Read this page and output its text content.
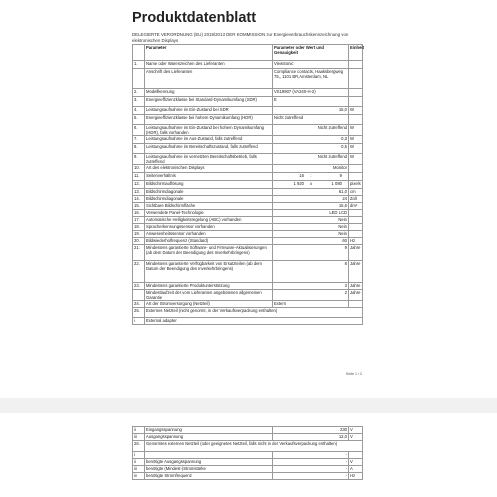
Produktdatenblatt
DELEGIERTE VERORDNUNG (EU) 2019/2013 DER KOMMISSION zur Energieverbrauchskennzeichnung von elektronischen Displays
	Parameter	Parameter oder Wert und Genauigkeit	Einheit
1.	Name oder Warenzeichen des Lieferanten	ViewSonic	
	Anschrift des Lieferanten	Compliance contacts, Haaksbergweg 75,, 1101 BR,Amsterdam, NL	
2.	Modellkennung	VS19907 (VA240-H-2)	
3.	Energieeffizienzklasse bei Standard-Dynamikumfang (SDR)	E	
4.	Leistungsaufnahme im Ein-Zustand bei SDR	15,0	W
5.	Energieeffizienzklasse bei hohem Dynamikumfang (HDR)	Nicht zutreffend	
6.	Leistungsaufnahme im Ein-Zustand bei hohem Dynamikumfang (HDR), falls vorhanden	Nicht zutreffend	W
7.	Leistungsaufnahme im Aus-Zustand, falls zutreffend	0,3	W
8.	Leistungsaufnahme im Bereitschaftszustand, falls zutreffend	0,5	W
9.	Leistungsaufnahme im vernetzten Bereitschaftsbetrieb, falls zutreffend	Nicht zutreffend	W
10.	Art des elektronischen Displays	Monitor	
11.	Seitenverhältnis	16 : 9	
12.	Bildschirmauflösung	1 920 x 1 080	pixels
13.	Bildschirmdiagonale	61,0	cm
14.	Bildschirmdiagonale	24	Zoll
15.	Sichtbare Bildschirmfläche	15,6	dm²
16.	Verwendete Panel-Technologie	LED LCD	
17.	Automatische Helligkeitsregelung (ABC) vorhanden	Nein	
18.	Spracherkennungssensor vorhanden	Nein	
19.	Anwesenheitssensor vorhanden	Nein	
20.	Bildwiederholfrequenz (Standard)	60	Hz
21.	Mindestens garantierte Software- und Firmware-Aktualisierungen (ab dem Datum der Beendigung des Inverkehrbringens)	9	Jahre
22.	Mindestens garantierte Verfügbarkeit von Ersatzteilen (ab dem Datum der Beendigung des Inverkehrbringens)	8	Jahre
23.	Mindestens garantierte Produktunterstützung	3	Jahre
	Mindestlaufzeit der vom Lieferanten angebotenen allgemeinen Garantie	2	Jahre
24.	Art der Stromversorgung (Netzteil)	Extern	
25.	Externes Netzteil (nicht genormt, in der Verkaufsverpackung enthalten)		
i	External adapter		
Seite 1 / 2
ii	Eingangsspannung	230	V
iii	Ausgangsspannung	12,0	V
26.	Genormtes externes Netzteil (oder geeignetes Netzteil, falls nicht in der Verkaufsverpackung enthalten)		
i		-	
ii	benötigte Ausgangsspannung	-	V
iii	benötigte (Mindest-)Stromstärke	-	A
iv	benötigte Stromfrequenz	-	Hz
